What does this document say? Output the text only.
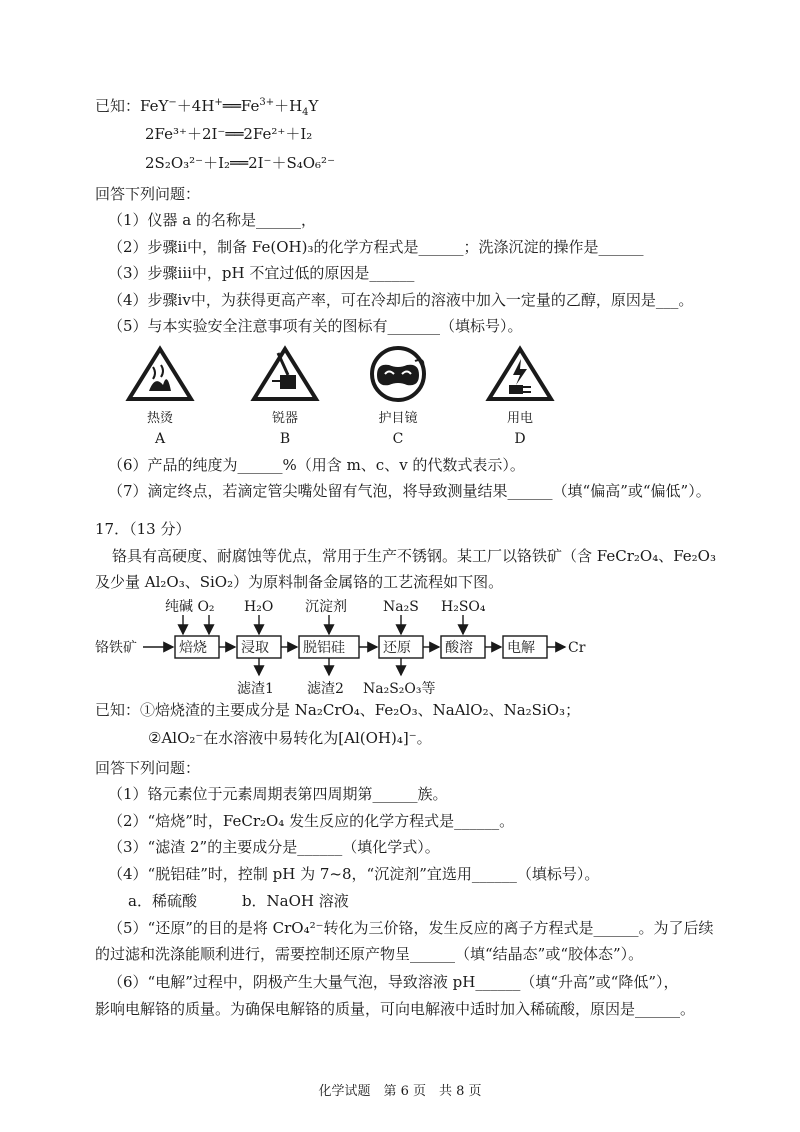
已知：$FeY^-+4H^+══Fe^{3+}+H_4Y$
2Fe³⁺＋2I⁻══2Fe²⁺＋I₂
2S₂O₃²⁻＋I₂══2I⁻＋S₄O₆²⁻
回答下列问题：
（1）仪器 a 的名称是______，
（2）步骤ii中，制备 Fe(OH)₃的化学方程式是______；洗涤沉淀的操作是______
（3）步骤iii中，pH 不宜过低的原因是______
（4）步骤iv中，为获得更高产率，可在冷却后的溶液中加入一定量的乙醇，原因是___。
（5）与本实验安全注意事项有关的图标有_______（填标号）。
热烫
A
锐器
B
护目镜
C
用电
D
（6）产品的纯度为______%（用含 m、c、v 的代数式表示）。
（7）滴定终点，若滴定管尖嘴处留有气泡，将导致测量结果______（填“偏高”或“偏低”）。
17．（13 分）
铬具有高硬度、耐腐蚀等优点，常用于生产不锈钢。某工厂以铬铁矿（含 FeCr₂O₄、Fe₂O₃
及少量 Al₂O₃、SiO₂）为原料制备金属铬的工艺流程如下图。
铬铁矿	焙烧 浸取 脱铝硅	还原 酸溶 电解 Cr
纯碱 O₂ H₂O 沉淀剂	Na₂S H₂SO₄
滤渣1 滤渣2 Na₂S₂O₃等
已知：①焙烧渣的主要成分是 Na₂CrO₄、Fe₂O₃、NaAlO₂、Na₂SiO₃；
②AlO₂⁻在水溶液中易转化为[Al(OH)₄]⁻。
回答下列问题：
（1）铬元素位于元素周期表第四周期第______族。
（2）“焙烧”时，FeCr₂O₄ 发生反应的化学方程式是______。
（3）“滤渣 2”的主要成分是______（填化学式）。
（4）“脱铝硅”时，控制 pH 为 7~8，“沉淀剂”宜选用______（填标号）。
a．稀硫酸　　　b．NaOH 溶液
（5）“还原”的目的是将 CrO₄²⁻转化为三价铬，发生反应的离子方程式是______。为了后续
的过滤和洗涤能顺利进行，需要控制还原产物呈______（填“结晶态”或“胶体态”）。
（6）“电解”过程中，阴极产生大量气泡，导致溶液 pH______（填“升高”或“降低”），
影响电解铬的质量。为确保电解铬的质量，可向电解液中适时加入稀硫酸，原因是______。
化学试题　第 6 页　共 8 页
